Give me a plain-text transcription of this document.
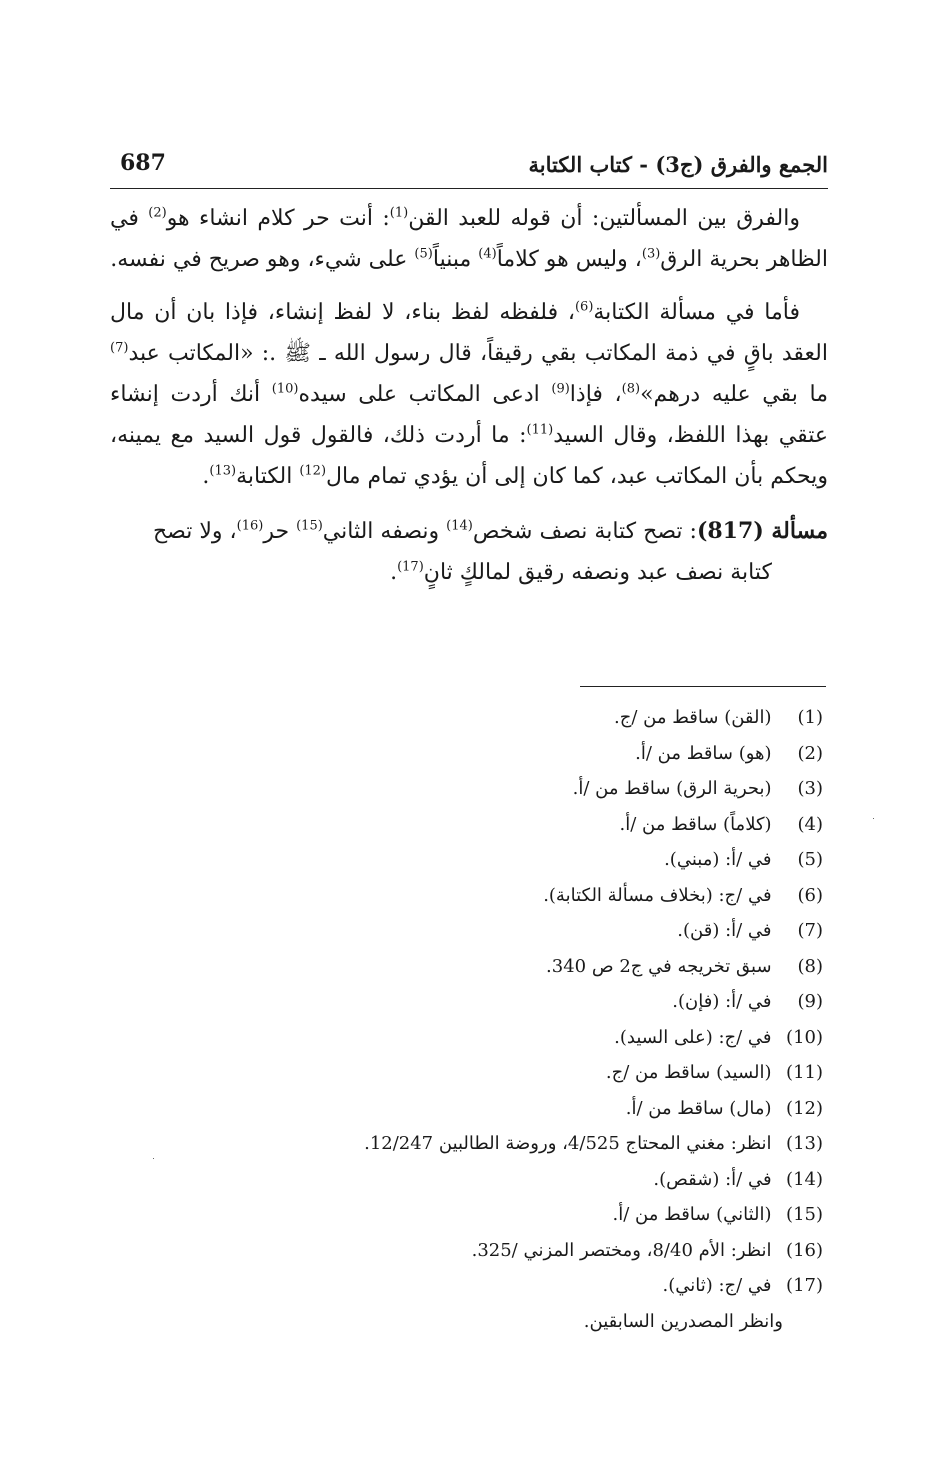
الجمع والفرق (ج3) - كتاب الكتابة
687

والفرق بين المسألتين: أن قوله للعبد القن$^{(1)}$: أنت حر كلام انشاء هو$^{(2)}$ في الظاهر بحرية الرق$^{(3)}$، وليس هو كلاماً$^{(4)}$ مبنياً$^{(5)}$ على شيء، وهو صريح في نفسه.

فأما في مسألة الكتابة$^{(6)}$، فلفظه لفظ بناء، لا لفظ إنشاء، فإذا بان أن مال العقد باقٍ في ذمة المكاتب بقي رقيقاً، قال رسول الله ـ ﷺ .: «المكاتب عبد$^{(7)}$ ما بقي عليه درهم»$^{(8)}$، فإذا$^{(9)}$ ادعى المكاتب على سيده$^{(10)}$ أنك أردت إنشاء عتقي بهذا اللفظ، وقال السيد$^{(11)}$: ما أردت ذلك، فالقول قول السيد مع يمينه، ويحكم بأن المكاتب عبد، كما كان إلى أن يؤدي تمام مال$^{(12)}$ الكتابة$^{(13)}$.

مسألة (817): تصح كتابة نصف شخص$^{(14)}$ ونصفه الثاني$^{(15)}$ حر$^{(16)}$، ولا تصح
كتابة نصف عبد ونصفه رقيق لمالكٍ ثانٍ$^{(17)}$.

(1)  (القن) ساقط من /ج.
(2)  (هو) ساقط من /أ.
(3)  (بحرية الرق) ساقط من /أ.
(4)  (كلاماً) ساقط من /أ.
(5)  في /أ: (مبني).
(6)  في /ج: (بخلاف مسألة الكتابة).
(7)  في /أ: (قن).
(8)  سبق تخريجه في ج2 ص 340.
(9)  في /أ: (فإن).
(10)  في /ج: (على السيد).
(11)  (السيد) ساقط من /ج.
(12)  (مال) ساقط من /أ.
(13)  انظر: مغني المحتاج 4/525، وروضة الطالبين 12/247.
(14)  في /أ: (شقص).
(15)  (الثاني) ساقط من /أ.
(16)  انظر: الأم 8/40، ومختصر المزني /325.
(17)  في /ج: (ثاني).
وانظر المصدرين السابقين.
